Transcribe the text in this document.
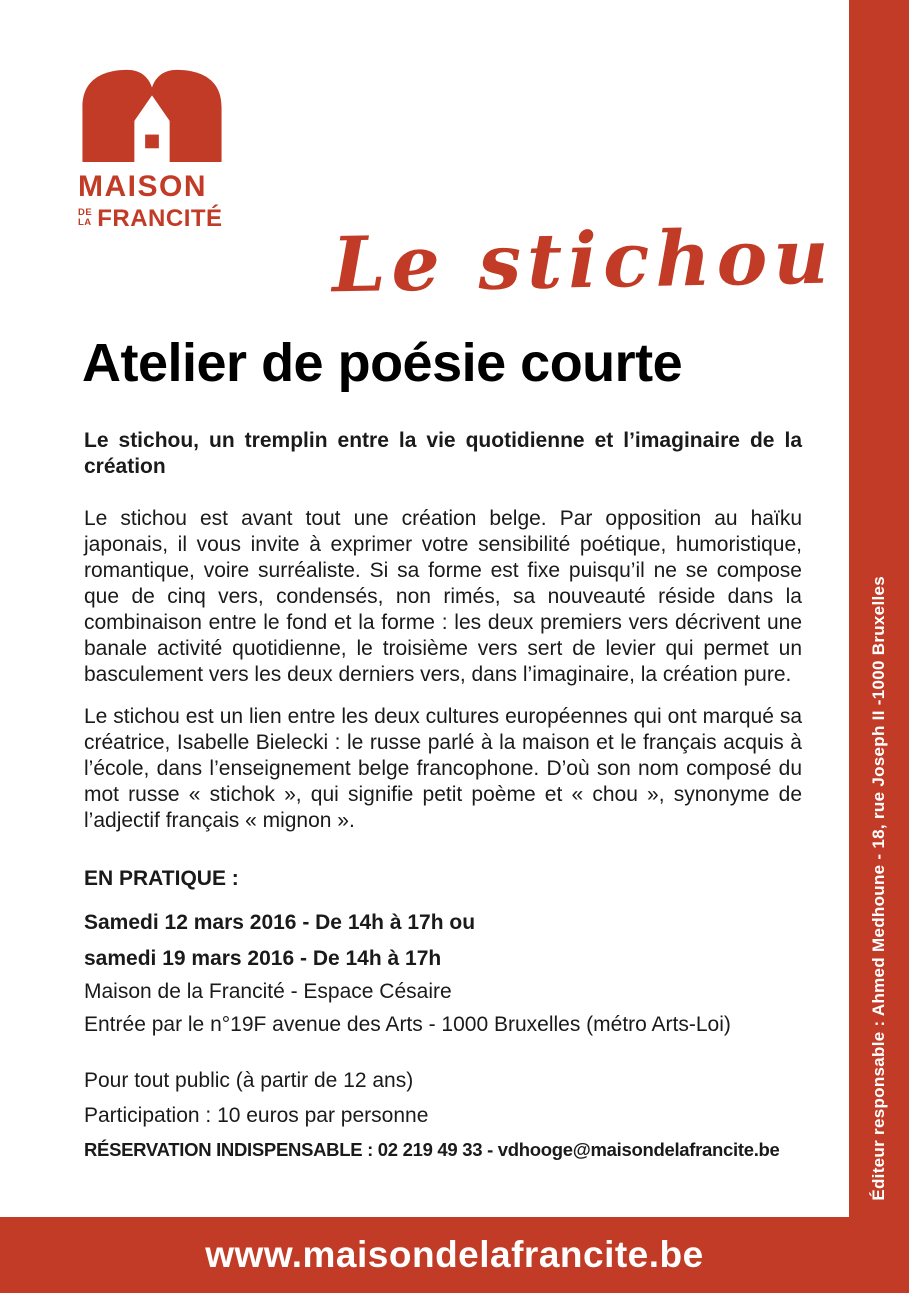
MAISON
DE
LA FRANCITÉ Le stichou
Atelier de poésie courte

Le stichou, un tremplin entre la vie quotidienne et l’imaginaire de la création

Le stichou est avant tout une création belge. Par opposition au haïku japonais, il vous invite à exprimer votre sensibilité poétique, humoristique, romantique, voire surréaliste. Si sa forme est fixe puisqu’il ne se compose que de cinq vers, condensés, non rimés, sa nouveauté réside dans la combinaison entre le fond et la forme : les deux premiers vers décrivent une banale activité quotidienne, le troisième vers sert de levier qui permet un basculement vers les deux derniers vers, dans l’imaginaire, la création pure.

Le stichou est un lien entre les deux cultures européennes qui ont marqué sa créatrice, Isabelle Bielecki : le russe parlé à la maison et le français acquis à l’école, dans l’enseignement belge francophone. D’où son nom composé du mot russe « stichok », qui signifie petit poème et « chou », synonyme de l’adjectif français « mignon ».

EN PRATIQUE :

Samedi 12 mars 2016 - De 14h à 17h ou

samedi 19 mars 2016 - De 14h à 17h

Maison de la Francité - Espace Césaire

Entrée par le n°19F avenue des Arts - 1000 Bruxelles (métro Arts-Loi)

Pour tout public (à partir de 12 ans)

Participation : 10 euros par personne

RÉSERVATION INDISPENSABLE : 02 219 49 33 - vdhooge@maisondelafrancite.be	Éditeur responsable : Ahmed Medhoune - 18, rue Joseph II -1000 Bruxelles
www.maisondelafrancite.be
